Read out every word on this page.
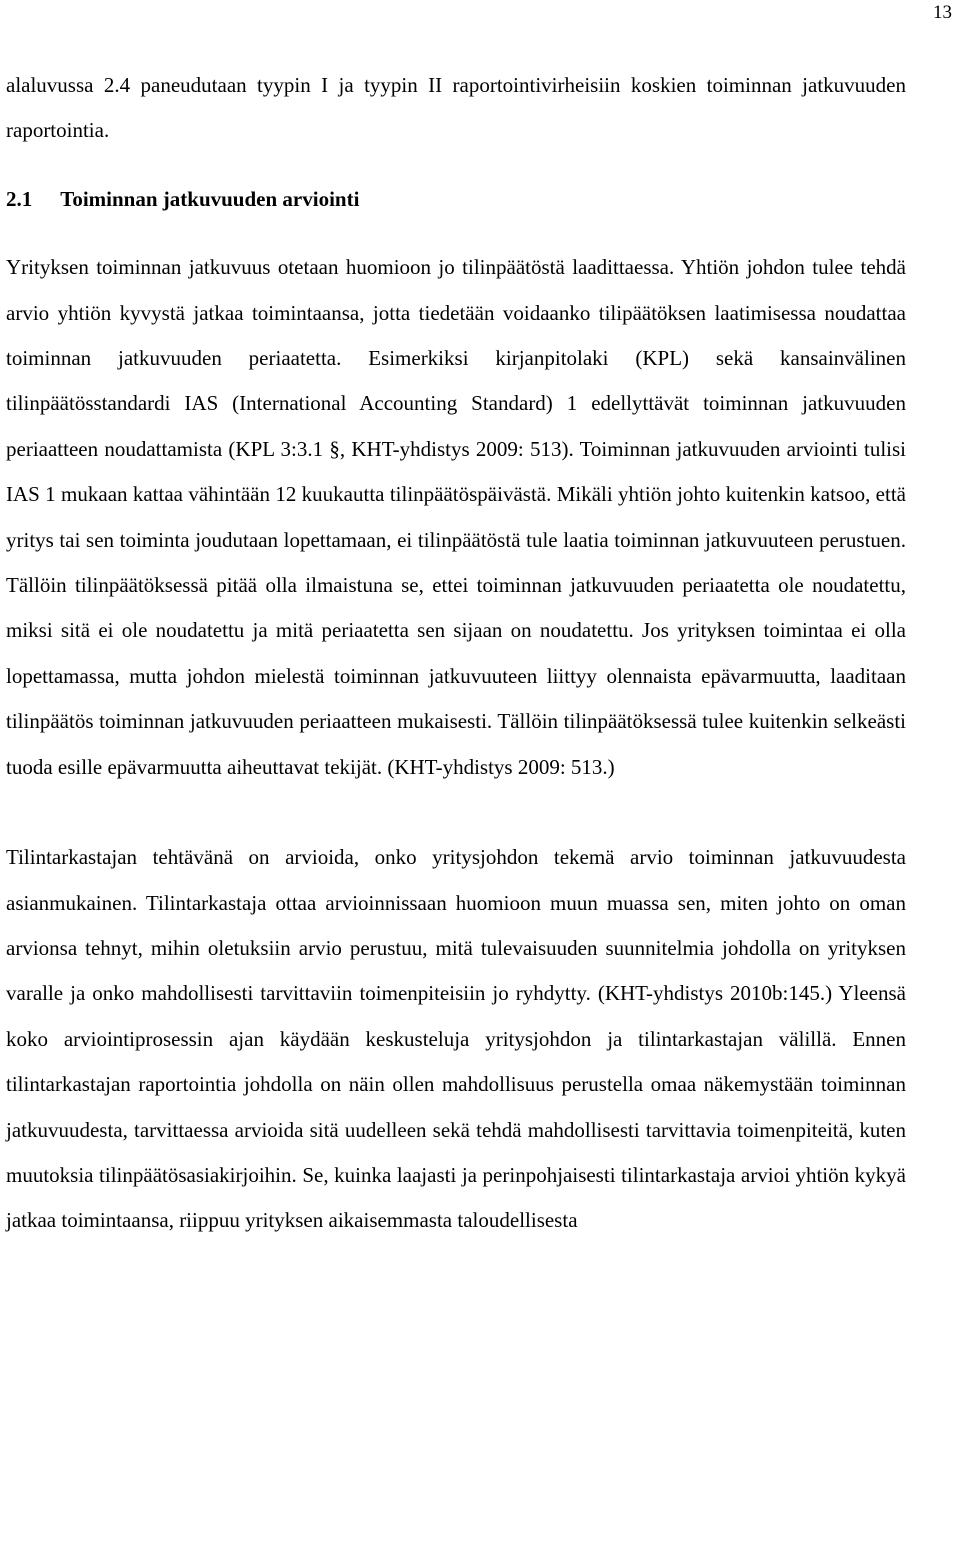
13

alaluvussa 2.4 paneudutaan tyypin I ja tyypin II raportointivirheisiin koskien toiminnan jatkuvuuden raportointia.

2.1 Toiminnan jatkuvuuden arviointi

Yrityksen toiminnan jatkuvuus otetaan huomioon jo tilinpäätöstä laadittaessa. Yhtiön johdon tulee tehdä arvio yhtiön kyvystä jatkaa toimintaansa, jotta tiedetään voidaanko tilipäätöksen laatimisessa noudattaa toiminnan jatkuvuuden periaatetta. Esimerkiksi kirjanpitolaki (KPL) sekä kansainvälinen tilinpäätösstandardi IAS (International Accounting Standard) 1 edellyttävät toiminnan jatkuvuuden periaatteen noudattamista (KPL 3:3.1 §, KHT-yhdistys 2009: 513). Toiminnan jatkuvuuden arviointi tulisi IAS 1 mukaan kattaa vähintään 12 kuukautta tilinpäätöspäivästä. Mikäli yhtiön johto kuitenkin katsoo, että yritys tai sen toiminta joudutaan lopettamaan, ei tilinpäätöstä tule laatia toiminnan jatkuvuuteen perustuen. Tällöin tilinpäätöksessä pitää olla ilmaistuna se, ettei toiminnan jatkuvuuden periaatetta ole noudatettu, miksi sitä ei ole noudatettu ja mitä periaatetta sen sijaan on noudatettu. Jos yrityksen toimintaa ei olla lopettamassa, mutta johdon mielestä toiminnan jatkuvuuteen liittyy olennaista epävarmuutta, laaditaan tilinpäätös toiminnan jatkuvuuden periaatteen mukaisesti. Tällöin tilinpäätöksessä tulee kuitenkin selkeästi tuoda esille epävarmuutta aiheuttavat tekijät. (KHT-yhdistys 2009: 513.)

Tilintarkastajan tehtävänä on arvioida, onko yritysjohdon tekemä arvio toiminnan jatkuvuudesta asianmukainen. Tilintarkastaja ottaa arvioinnissaan huomioon muun muassa sen, miten johto on oman arvionsa tehnyt, mihin oletuksiin arvio perustuu, mitä tulevaisuuden suunnitelmia johdolla on yrityksen varalle ja onko mahdollisesti tarvittaviin toimenpiteisiin jo ryhdytty. (KHT-yhdistys 2010b:145.) Yleensä koko arviointiprosessin ajan käydään keskusteluja yritysjohdon ja tilintarkastajan välillä. Ennen tilintarkastajan raportointia johdolla on näin ollen mahdollisuus perustella omaa näkemystään toiminnan jatkuvuudesta, tarvittaessa arvioida sitä uudelleen sekä tehdä mahdollisesti tarvittavia toimenpiteitä, kuten muutoksia tilinpäätösasiakirjoihin. Se, kuinka laajasti ja perinpohjaisesti tilintarkastaja arvioi yhtiön kykyä jatkaa toimintaansa, riippuu yrityksen aikaisemmasta taloudellisesta
